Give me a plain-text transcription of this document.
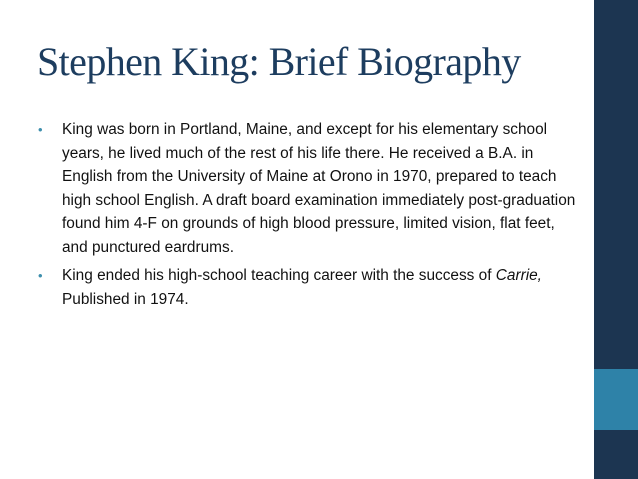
Stephen King: Brief Biography
• King was born in Portland, Maine, and except for his elementary school years, he lived much of the rest of his life there. He received a B.A. in English from the University of Maine at Orono in 1970, prepared to teach high school English. A draft board examination immediately post-graduation found him 4-F on grounds of high blood pressure, limited vision, flat feet, and punctured eardrums.
• King ended his high-school teaching career with the success of Carrie, Published in 1974.
